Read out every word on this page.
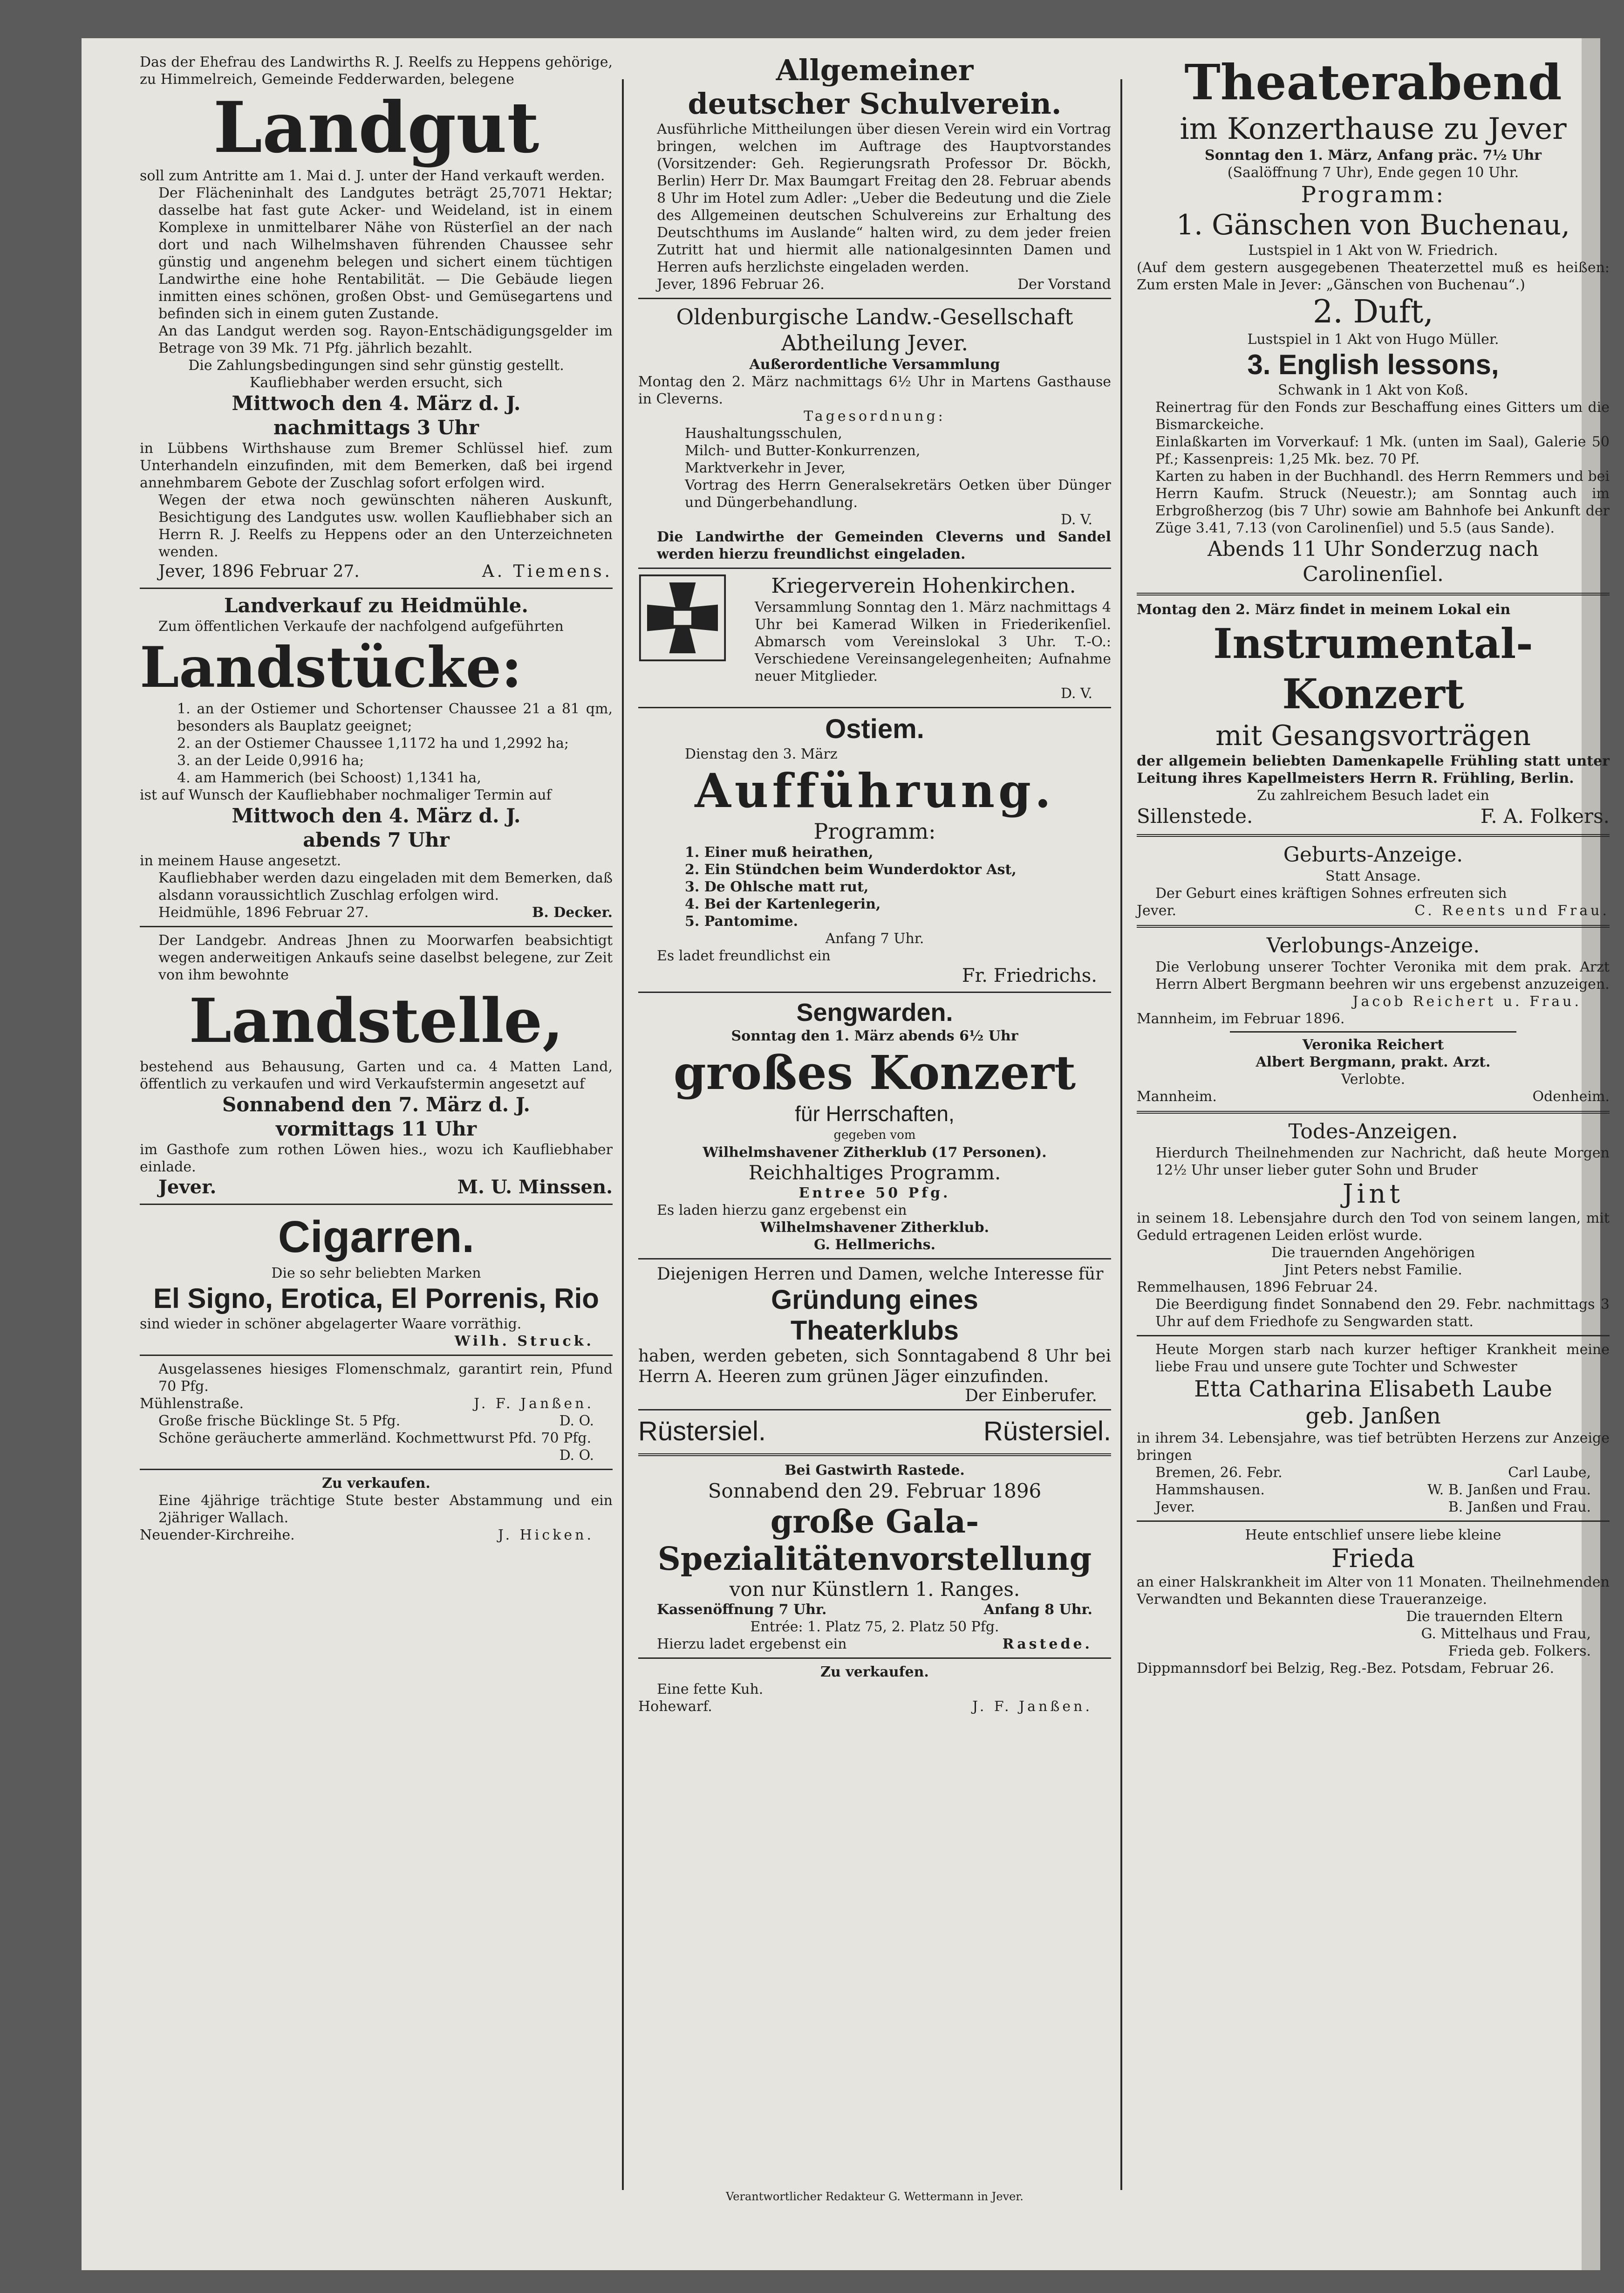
Das der Ehefrau des Landwirths R. J. Reelfs zu Heppens gehörige, zu Himmelreich, Gemeinde Fedderwarden, belegene

Landgut

soll zum Antritte am 1. Mai d. J. unter der Hand verkauft werden.

Der Flächeninhalt des Landgutes beträgt 25,7071 Hektar; dasselbe hat fast gute Acker- und Weideland, ist in einem Komplexe in unmittelbarer Nähe von Rüsterſiel an der nach dort und nach Wilhelmshaven führenden Chaussee sehr günstig und angenehm belegen und sichert einem tüchtigen Landwirthe eine hohe Rentabilität. — Die Gebäude liegen inmitten eines schönen, großen Obst- und Gemüsegartens und befinden sich in einem guten Zustande.

An das Landgut werden sog. Rayon-Entschädigungsgelder im Betrage von 39 Mk. 71 Pfg. jährlich bezahlt.

Die Zahlungsbedingungen sind sehr günstig gestellt. Kaufliebhaber werden ersucht, sich

Mittwoch den 4. März d. J.
nachmittags 3 Uhr

in Lübbens Wirthshause zum Bremer Schlüssel hief. zum Unterhandeln einzufinden, mit dem Bemerken, daß bei irgend annehmbarem Gebote der Zuschlag sofort erfolgen wird.

Wegen der etwa noch gewünschten näheren Auskunft, Besichtigung des Landgutes usw. wollen Kaufliebhaber sich an Herrn R. J. Reelfs zu Heppens oder an den Unterzeichneten wenden.

Jever, 1896 Februar 27.	A. Tiemens.
Landverkauf zu Heidmühle.

Zum öffentlichen Verkaufe der nachfolgend aufgeführten

Landstücke:

1. an der Ostiemer und Schortenser Chaussee 21 a 81 qm, besonders als Bauplatz geeignet;

2. an der Ostiemer Chaussee 1,1172 ha und 1,2992 ha;

3. an der Leide 0,9916 ha;

4. am Hammerich (bei Schoost) 1,1341 ha,

ist auf Wunsch der Kaufliebhaber nochmaliger Termin auf

Mittwoch den 4. März d. J.
abends 7 Uhr

in meinem Hause angesetzt.

Kaufliebhaber werden dazu eingeladen mit dem Bemerken, daß alsdann voraussichtlich Zuschlag erfolgen wird.

Heidmühle, 1896 Februar 27.	B. Decker.

Der Landgebr. Andreas Jhnen zu Moorwarfen beabsichtigt wegen anderweitigen Ankaufs seine daselbst belegene, zur Zeit von ihm bewohnte

Landstelle,

bestehend aus Behausung, Garten und ca. 4 Matten Land, öffentlich zu verkaufen und wird Verkaufstermin angesetzt auf

Sonnabend den 7. März d. J.
vormittags 11 Uhr

im Gasthofe zum rothen Löwen hies., wozu ich Kaufliebhaber einlade.

Jever.	M. U. Minssen.
Cigarren.

Die so sehr beliebten Marken

El Signo, Erotica, El Porrenis, Rio

sind wieder in schöner abgelagerter Waare vorräthig.

Wilh. Struck.

Ausgelassenes hiesiges Flomenschmalz, garantirt rein, Pfund 70 Pfg.

Mühlenstraße.	J. F. Janßen.
Große frische Bücklinge St. 5 Pfg.	D. O.

Schöne geräucherte ammerländ. Kochmettwurst Pfd. 70 Pfg.

D. O.

Zu verkaufen.

Eine 4jährige trächtige Stute bester Abstammung und ein 2jähriger Wallach.

Neuender-Kirchreihe.	J. Hicken.
Allgemeiner
deutscher Schulverein.

Ausführliche Mittheilungen über diesen Verein wird ein Vortrag bringen, welchen im Auftrage des Hauptvorstandes (Vorsitzender: Geh. Regierungsrath Professor Dr. Böckh, Berlin) Herr Dr. Max Baumgart Freitag den 28. Februar abends 8 Uhr im Hotel zum Adler: „Ueber die Bedeutung und die Ziele des Allgemeinen deutschen Schulvereins zur Erhaltung des Deutschthums im Auslande“ halten wird, zu dem jeder freien Zutritt hat und hiermit alle nationalgesinnten Damen und Herren aufs herzlichste eingeladen werden.

Jever, 1896 Februar 26.	Der Vorstand
Oldenburgische Landw.-Gesellschaft
Abtheilung Jever.
Außerordentliche Versammlung

Montag den 2. März nachmittags 6½ Uhr in Martens Gasthause in Cleverns.

Tagesordnung:

Haushaltungsschulen,

Milch- und Butter-Konkurrenzen,

Marktverkehr in Jever,

Vortrag des Herrn Generalsekretärs Oetken über Dünger und Düngerbehandlung.

D. V.

Die Landwirthe der Gemeinden Cleverns und Sandel werden hierzu freundlichst eingeladen.

Kriegerverein Hohenkirchen.

Versammlung Sonntag den 1. März nachmittags 4 Uhr bei Kamerad Wilken in Friederikenſiel. Abmarsch vom Vereinslokal 3 Uhr. T.-O.: Verschiedene Vereinsangelegenheiten; Aufnahme neuer Mitglieder.

D. V.

Ostiem.

Dienstag den 3. März

Aufführung.
Programm:

1. Einer muß heirathen,

2. Ein Stündchen beim Wunderdoktor Ast,

3. De Ohlsche matt rut,

4. Bei der Kartenlegerin,

5. Pantomime.

Anfang 7 Uhr.

Es ladet freundlichst ein

Fr. Friedrichs.

Sengwarden.

Sonntag den 1. März abends 6½ Uhr

großes Konzert
für Herrschaften,

gegeben vom

Wilhelmshavener Zitherklub (17 Personen).

Reichhaltiges Programm.

Entree 50 Pfg.

Es laden hierzu ganz ergebenst ein

Wilhelmshavener Zitherklub.

G. Hellmerichs.

Diejenigen Herren und Damen, welche Interesse für

Gründung eines
Theaterklubs

haben, werden gebeten, sich Sonntagabend 8 Uhr bei Herrn A. Heeren zum grünen Jäger einzufinden.

Der Einberufer.

Rüstersiel.	Rüstersiel.

Bei Gastwirth Rastede.

Sonnabend den 29. Februar 1896
große Gala-
Spezialitätenvorstellung
von nur Künstlern 1. Ranges.
Kassenöffnung 7 Uhr.	Anfang 8 Uhr.

Entrée: 1. Platz 75, 2. Platz 50 Pfg.

Hierzu ladet ergebenst ein	Rastede.

Zu verkaufen.

Eine fette Kuh.

Hohewarf.	J. F. Janßen.
Theaterabend
im Konzerthause zu Jever

Sonntag den 1. März, Anfang präc. 7½ Uhr

(Saalöffnung 7 Uhr), Ende gegen 10 Uhr.

Programm:
1. Gänschen von Buchenau,

Lustspiel in 1 Akt von W. Friedrich.

(Auf dem gestern ausgegebenen Theaterzettel muß es heißen: Zum ersten Male in Jever: „Gänschen von Buchenau“.)

2. Duft,

Lustspiel in 1 Akt von Hugo Müller.

3. English lessons,

Schwank in 1 Akt von Koß.

Reinertrag für den Fonds zur Beschaffung eines Gitters um die Bismarckeiche.

Einlaßkarten im Vorverkauf: 1 Mk. (unten im Saal), Galerie 50 Pf.; Kassenpreis: 1,25 Mk. bez. 70 Pf.

Karten zu haben in der Buchhandl. des Herrn Remmers und bei Herrn Kaufm. Struck (Neuestr.); am Sonntag auch im Erbgroßherzog (bis 7 Uhr) sowie am Bahnhofe bei Ankunft der Züge 3.41, 7.13 (von Carolinenſiel) und 5.5 (aus Sande).

Abends 11 Uhr Sonderzug nach Carolinenſiel.

Montag den 2. März findet in meinem Lokal ein

Instrumental-Konzert
mit Gesangsvorträgen

der allgemein beliebten Damenkapelle Frühling statt unter Leitung ihres Kapellmeisters Herrn R. Frühling, Berlin.

Zu zahlreichem Besuch ladet ein

Sillenstede.	F. A. Folkers.
Geburts-Anzeige.

Statt Ansage.

Der Geburt eines kräftigen Sohnes erfreuten sich

Jever.	C. Reents und Frau.
Verlobungs-Anzeige.

Die Verlobung unserer Tochter Veronika mit dem prak. Arzt Herrn Albert Bergmann beehren wir uns ergebenst anzuzeigen.

Jacob Reichert u. Frau.

Mannheim, im Februar 1896.

Veronika Reichert

Albert Bergmann, prakt. Arzt.

Verlobte.

Mannheim.	Odenheim.
Todes-Anzeigen.

Hierdurch Theilnehmenden zur Nachricht, daß heute Morgen 12½ Uhr unser lieber guter Sohn und Bruder

Jint

in seinem 18. Lebensjahre durch den Tod von seinem langen, mit Geduld ertragenen Leiden erlöst wurde.

Die trauernden Angehörigen

Jint Peters nebst Familie.

Remmelhausen, 1896 Februar 24.

Die Beerdigung findet Sonnabend den 29. Febr. nachmittags 3 Uhr auf dem Friedhofe zu Sengwarden statt.

Heute Morgen starb nach kurzer heftiger Krankheit meine liebe Frau und unsere gute Tochter und Schwester

Etta Catharina Elisabeth Laube
geb. Janßen

in ihrem 34. Lebensjahre, was tief betrübten Herzens zur Anzeige bringen

Bremen, 26. Febr.	Carl Laube,
Hammshausen.	W. B. Janßen und Frau.
Jever.	B. Janßen und Frau.

Heute entschlief unsere liebe kleine

Frieda

an einer Halskrankheit im Alter von 11 Monaten. Theilnehmenden Verwandten und Bekannten diese Traueranzeige.

Die trauernden Eltern

G. Mittelhaus und Frau,

Frieda geb. Folkers.

Dippmannsdorf bei Belzig, Reg.-Bez. Potsdam, Februar 26.

Verantwortlicher Redakteur G. Wettermann in Jever.
